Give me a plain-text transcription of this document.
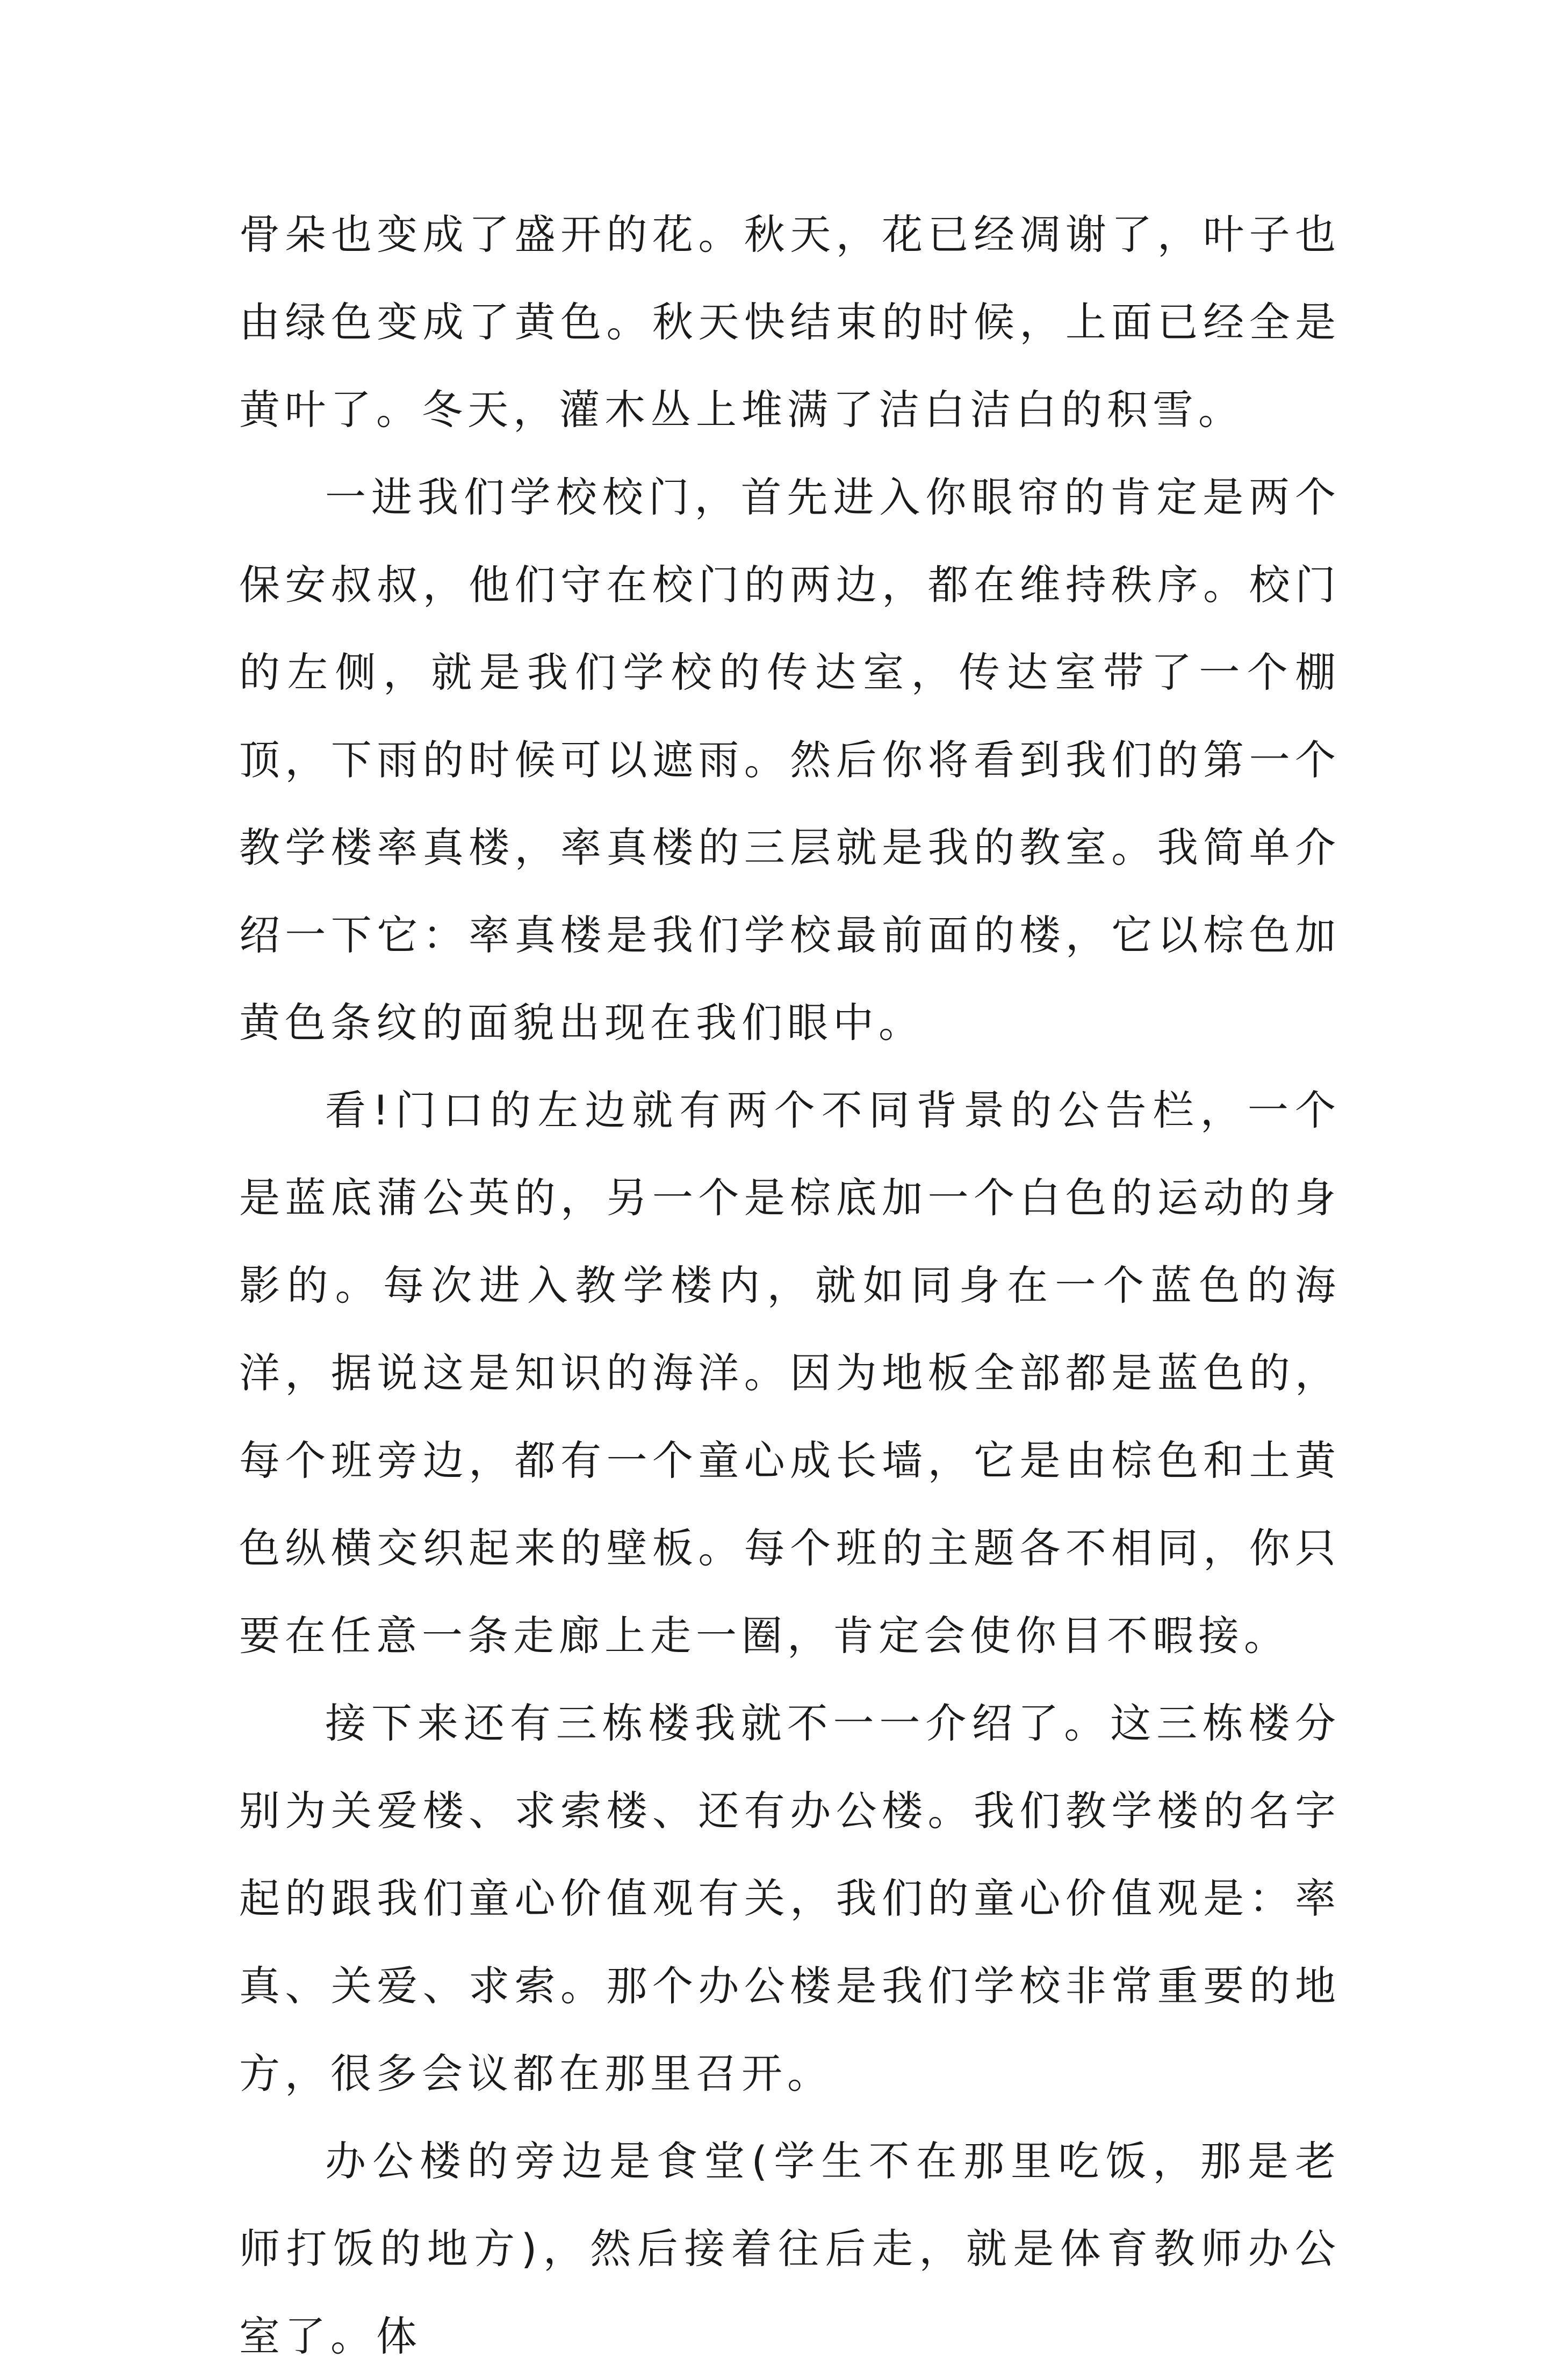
骨朵也变成了盛开的花。秋天，花已经凋谢了，叶子也由绿色变成了黄色。秋天快结束的时候，上面已经全是黄叶了。冬天，灌木丛上堆满了洁白洁白的积雪。

一进我们学校校门，首先进入你眼帘的肯定是两个保安叔叔，他们守在校门的两边，都在维持秩序。校门的左侧，就是我们学校的传达室，传达室带了一个棚顶，下雨的时候可以遮雨。然后你将看到我们的第一个教学楼率真楼，率真楼的三层就是我的教室。我简单介绍一下它：率真楼是我们学校最前面的楼，它以棕色加黄色条纹的面貌出现在我们眼中。

看!门口的左边就有两个不同背景的公告栏，一个是蓝底蒲公英的，另一个是棕底加一个白色的运动的身影的。每次进入教学楼内，就如同身在一个蓝色的海洋，据说这是知识的海洋。因为地板全部都是蓝色的，每个班旁边，都有一个童心成长墙，它是由棕色和土黄色纵横交织起来的壁板。每个班的主题各不相同，你只要在任意一条走廊上走一圈，肯定会使你目不暇接。

接下来还有三栋楼我就不一一介绍了。这三栋楼分别为关爱楼、求索楼、还有办公楼。我们教学楼的名字起的跟我们童心价值观有关，我们的童心价值观是：率真、关爱、求索。那个办公楼是我们学校非常重要的地方，很多会议都在那里召开。

办公楼的旁边是食堂(学生不在那里吃饭，那是老师打饭的地方)，然后接着往后走，就是体育教师办公室了。体
